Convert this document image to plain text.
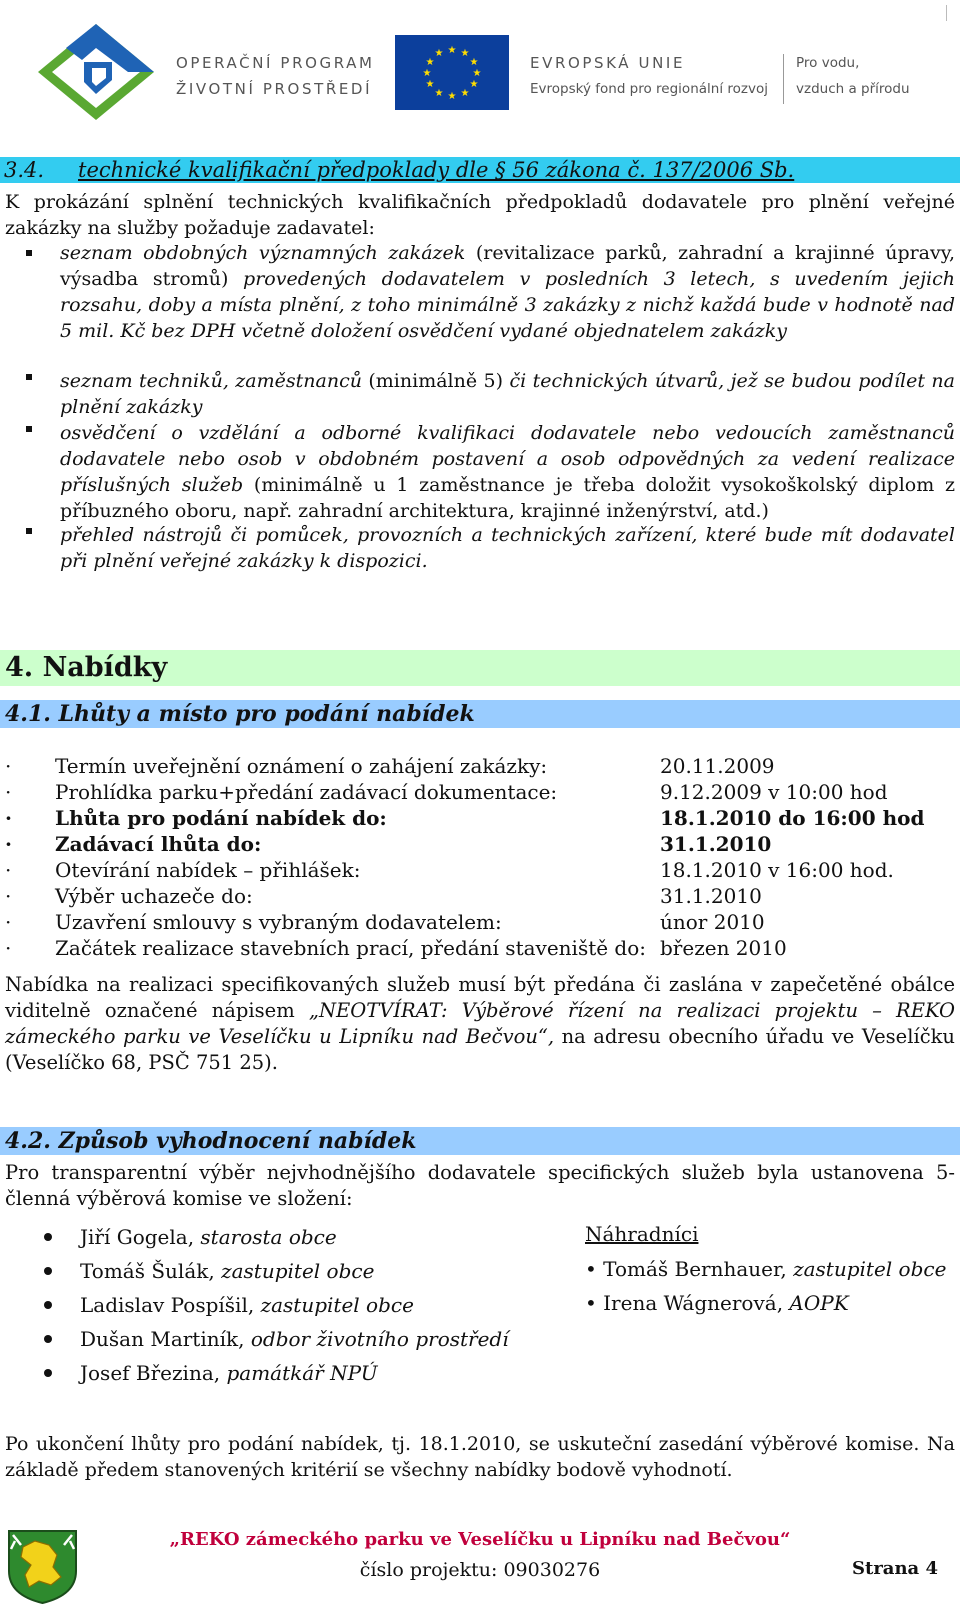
OPERAČNÍ PROGRAM
ŽIVOTNÍ PROSTŘEDÍ
★ ★
★
★
★
★
★
★
★
★
★
★
EVROPSKÁ UNIE
Evropský fond pro regionální rozvoj
Pro vodu,
vzduch a přírodu
3.4. technické kvalifikační předpoklady dle § 56 zákona č. 137/2006 Sb.
K prokázání splnění technických kvalifikačních předpokladů dodavatele pro plnění veřejné zakázky na služby požaduje zadavatel:
seznam obdobných významných zakázek (revitalizace parků, zahradní a krajinné úpravy, výsadba stromů) provedených dodavatelem v posledních 3 letech, s uvedením jejich rozsahu, doby a místa plnění, z toho minimálně 3 zakázky z nichž každá bude v hodnotě nad 5 mil. Kč bez DPH včetně doložení osvědčení vydané objednatelem zakázky
seznam techniků, zaměstnanců (minimálně 5) či technických útvarů, jež se budou podílet na plnění zakázky
osvědčení o vzdělání a odborné kvalifikaci dodavatele nebo vedoucích zaměstnanců dodavatele nebo osob v obdobném postavení a osob odpovědných za vedení realizace příslušných služeb (minimálně u 1 zaměstnance je třeba doložit vysokoškolský diplom z příbuzného oboru, např. zahradní architektura, krajinné inženýrství, atd.)
přehled nástrojů či pomůcek, provozních a technických zařízení, které bude mít dodavatel při plnění veřejné zakázky k dispozici.
4. Nabídky
4.1. Lhůty a místo pro podání nabídek
· Termín uveřejnění oznámení o zahájení zakázky:	20.11.2009
· Prohlídka parku+předání zadávací dokumentace:	9.12.2009 v 10:00 hod
· Lhůta pro podání nabídek do:	18.1.2010 do 16:00 hod
· Zadávací lhůta do:	31.1.2010
· Otevírání nabídek – přihlášek:	18.1.2010 v 16:00 hod.
· Výběr uchazeče do:	31.1.2010
· Uzavření smlouvy s vybraným dodavatelem:	únor 2010
· Začátek realizace stavebních prací, předání staveniště do: březen 2010
Nabídka na realizaci specifikovaných služeb musí být předána či zaslána v zapečetěné obálce viditelně označené nápisem „NEOTVÍRAT: Výběrové řízení na realizaci projektu – REKO zámeckého parku ve Veselíčku u Lipníku nad Bečvou“, na adresu obecního úřadu ve Veselíčku (Veselíčko 68, PSČ 751 25).
4.2. Způsob vyhodnocení nabídek
Pro transparentní výběr nejvhodnějšího dodavatele specifických služeb byla ustanovena 5-členná výběrová komise ve složení:
Jiří Gogela, starosta obce
Tomáš Šulák, zastupitel obce
Ladislav Pospíšil, zastupitel obce
Dušan Martiník, odbor životního prostředí
Josef Březina, památkář NPÚ
Náhradníci
• Tomáš Bernhauer, zastupitel obce
• Irena Wágnerová, AOPK
Po ukončení lhůty pro podání nabídek, tj. 18.1.2010, se uskuteční zasedání výběrové komise. Na základě předem stanovených kritérií se všechny nabídky bodově vyhodnotí.
„REKO zámeckého parku ve Veselíčku u Lipníku nad Bečvou“
číslo projektu: 09030276	Strana 4
